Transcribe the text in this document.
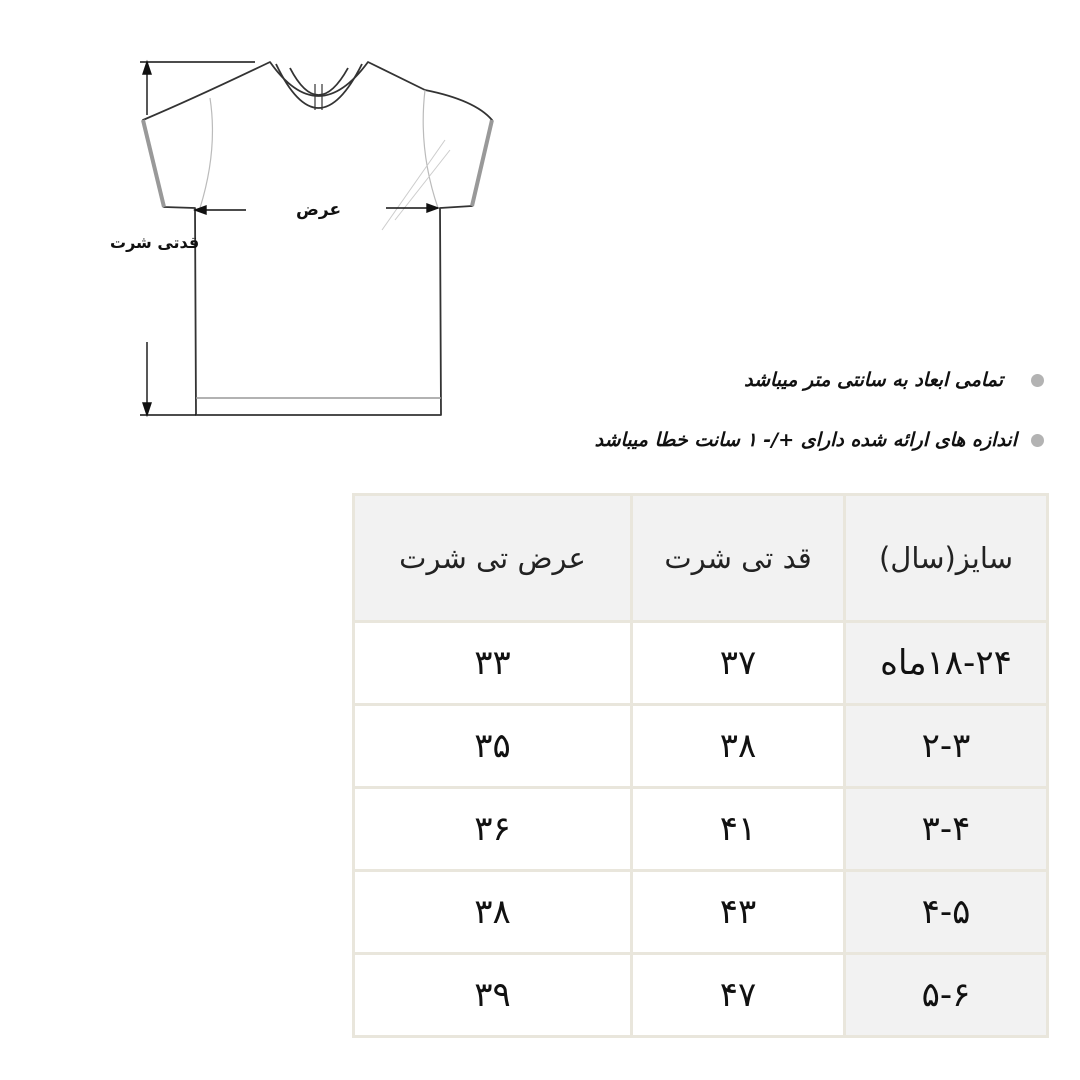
عرض
قدتی شرت
تمامی ابعاد به سانتی متر میباشد
اندازه های ارائه شده دارای +/- ۱ سانت خطا میباشد
سایز(سال)	قد تی شرت	عرض تی شرت
۱۸-۲۴ماه	۳۷	۳۳
۲-۳	۳۸	۳۵
۳-۴	۴۱	۳۶
۴-۵	۴۳	۳۸
۵-۶	۴۷	۳۹
